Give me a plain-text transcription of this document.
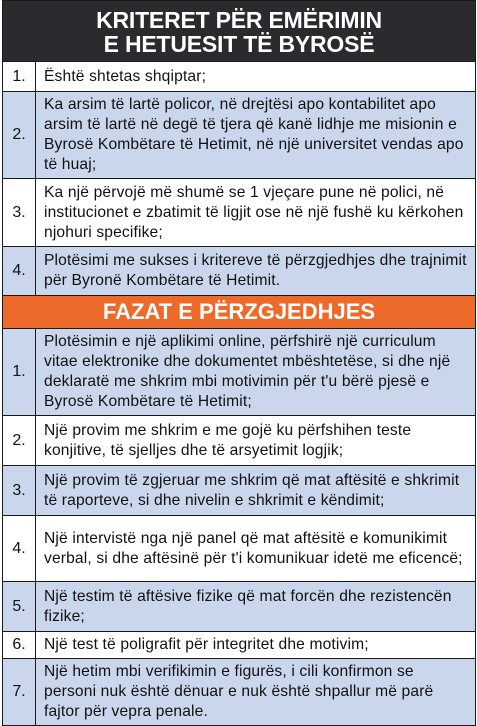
KRITERET PËR EMËRIMIN
E HETUESIT TË BYROSË	
1.	Është shtetas shqiptar;
2.	Ka arsim të lartë policor, në drejtësi apo kontabilitet apo arsim të lartë në degë të tjera që kanë lidhje me misionin e Byrosë Kombëtare të Hetimit, në një universitet vendas apo të huaj;
3.	Ka një përvojë më shumë se 1 vjeçare pune në polici, në institucionet e zbatimit të ligjit ose në një fushë ku kërkohen njohuri specifike;
4.	Plotësimi me sukses i kritereve të përzgjedhjes dhe trajnimit për Byronë Kombëtare të Hetimit.
FAZAT E PËRZGJEDHJES	
1.	Plotësimin e një aplikimi online, përfshirë një curriculum vitae elektronike dhe dokumentet mbështetëse, si dhe një deklaratë me shkrim mbi motivimin për t'u bërë pjesë e Byrosë Kombëtare të Hetimit;
2.	Një provim me shkrim e me gojë ku përfshihen teste konjitive, të sjelljes dhe të arsyetimit logjik;
3.	Një provim të zgjeruar me shkrim që mat aftësitë e shkrimit të raporteve, si dhe nivelin e shkrimit e këndimit;
4.	Një intervistë nga një panel që mat aftësitë e komunikimit verbal, si dhe aftësinë për t'i komunikuar idetë me eficencë;
5.	Një testim të aftësive fizike që mat forcën dhe rezistencën fizike;
6.	Një test të poligrafit për integritet dhe motivim;
7.	Një hetim mbi verifikimin e figurës, i cili konfirmon se personi nuk është dënuar e nuk është shpallur më parë fajtor për vepra penale.
